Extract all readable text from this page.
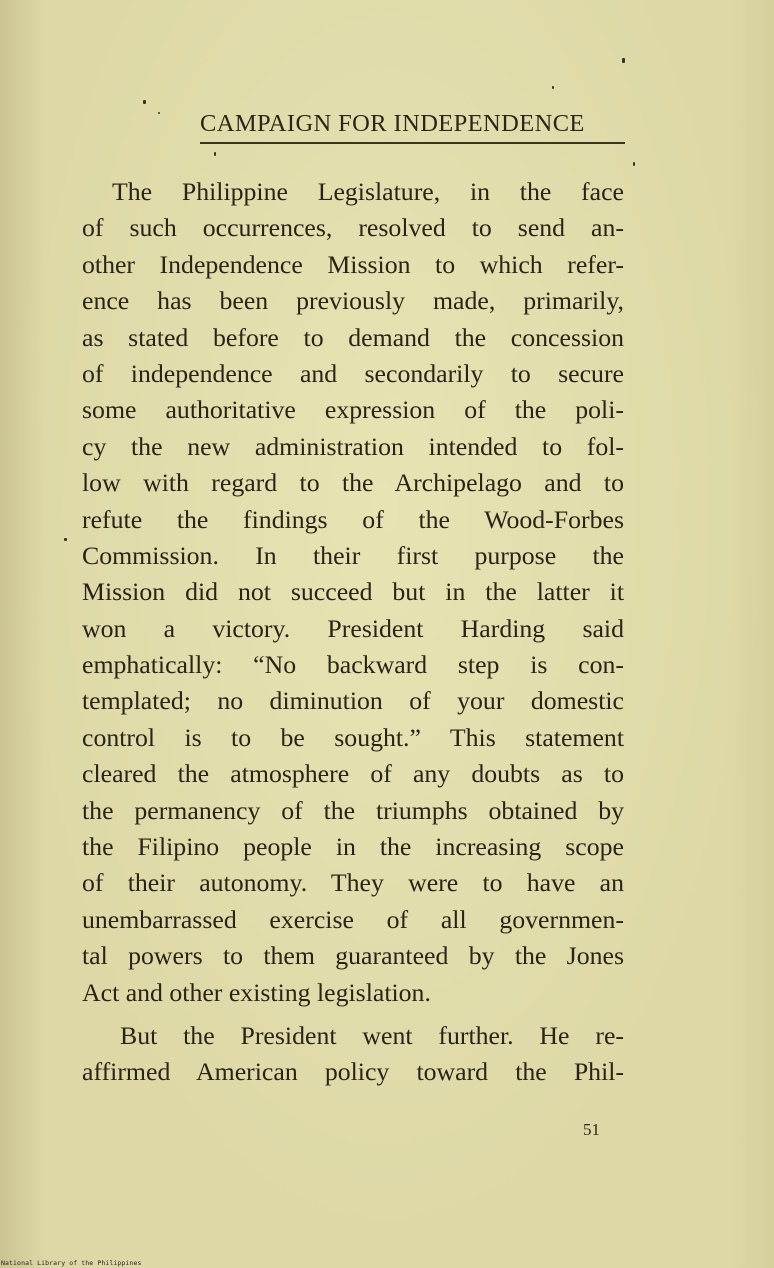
CAMPAIGN FOR INDEPENDENCE
The Philippine Legislature, in the face
of such occurrences, resolved to send an-
other Independence Mission to which refer-
ence has been previously made, primarily,
as stated before to demand the concession
of independence and secondarily to secure
some authoritative expression of the poli-
cy the new administration intended to fol-
low with regard to the Archipelago and to
refute the findings of the Wood-Forbes
Commission. In their first purpose the
Mission did not succeed but in the latter it
won a victory. President Harding said
emphatically: “No backward step is con-
templated; no diminution of your domestic
control is to be sought.” This statement
cleared the atmosphere of any doubts as to
the permanency of the triumphs obtained by
the Filipino people in the increasing scope
of their autonomy. They were to have an
unembarrassed exercise of all governmen-
tal powers to them guaranteed by the Jones
Act and other existing legislation.
But the President went further. He re-
affirmed American policy toward the Phil-
51
National Library of the Philippines
